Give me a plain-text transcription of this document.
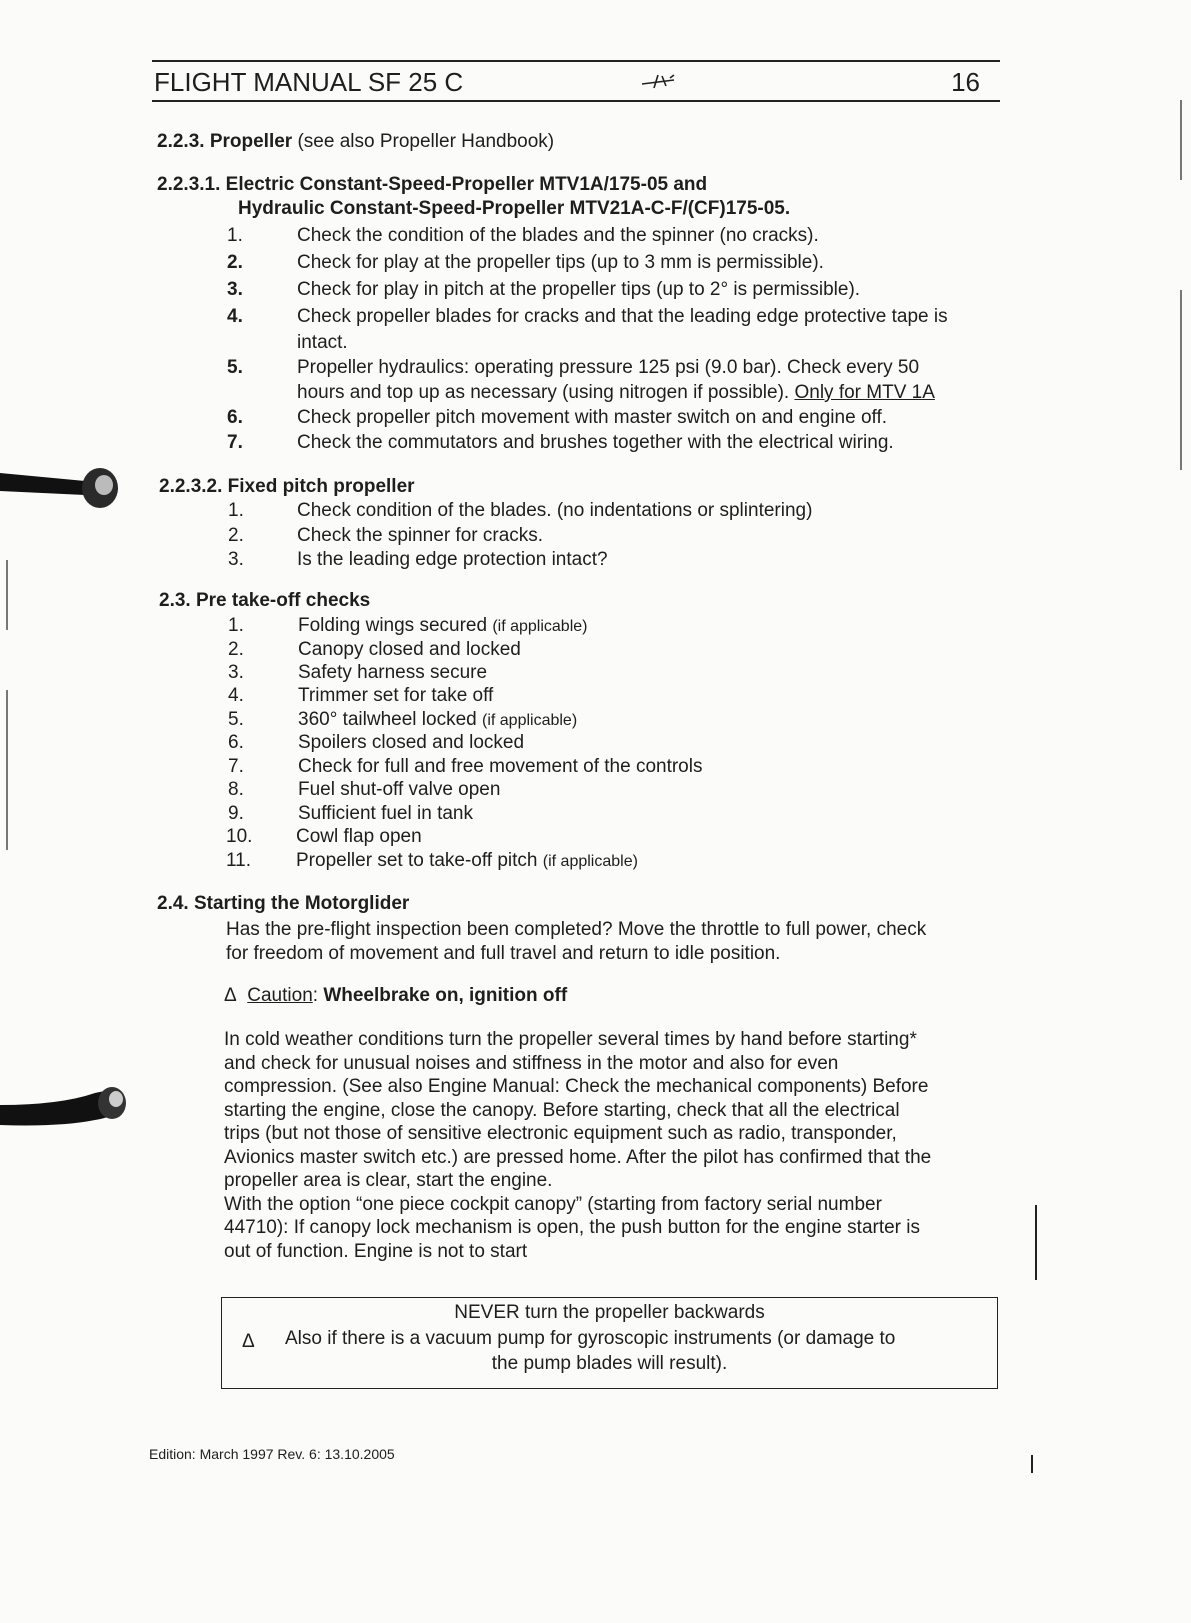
FLIGHT MANUAL SF 25 C	16
2.2.3. Propeller (see also Propeller Handbook)
2.2.3.1. Electric Constant-Speed-Propeller MTV1A/175-05 and
Hydraulic Constant-Speed-Propeller MTV21A-C-F/(CF)175-05.
1.	Check the condition of the blades and the spinner (no cracks).
2.	Check for play at the propeller tips (up to 3 mm is permissible).
3.	Check for play in pitch at the propeller tips (up to 2° is permissible).
4.	Check propeller blades for cracks and that the leading edge protective tape is
intact.
5.	Propeller hydraulics: operating pressure 125 psi (9.0 bar). Check every 50
hours and top up as necessary (using nitrogen if possible). Only for MTV 1A
6.	Check propeller pitch movement with master switch on and engine off.
7.	Check the commutators and brushes together with the electrical wiring.
2.2.3.2. Fixed pitch propeller
1.	Check condition of the blades. (no indentations or splintering)
2.	Check the spinner for cracks.
3.	Is the leading edge protection intact?
2.3. Pre take-off checks
1.	Folding wings secured (if applicable)
2.	Canopy closed and locked
3.	Safety harness secure
4.	Trimmer set for take off
5.	360° tailwheel locked (if applicable)
6.	Spoilers closed and locked
7.	Check for full and free movement of the controls
8.	Fuel shut-off valve open
9.	Sufficient fuel in tank
10.	Cowl flap open
11.	Propeller set to take-off pitch (if applicable)
2.4. Starting the Motorglider
Has the pre-flight inspection been completed? Move the throttle to full power, check
for freedom of movement and full travel and return to idle position.
Δ Caution: Wheelbrake on, ignition off
In cold weather conditions turn the propeller several times by hand before starting*
and check for unusual noises and stiffness in the motor and also for even
compression. (See also Engine Manual: Check the mechanical components) Before
starting the engine, close the canopy. Before starting, check that all the electrical
trips (but not those of sensitive electronic equipment such as radio, transponder,
Avionics master switch etc.) are pressed home. After the pilot has confirmed that the
propeller area is clear, start the engine.
With the option “one piece cockpit canopy” (starting from factory serial number
44710): If canopy lock mechanism is open, the push button for the engine starter is
out of function. Engine is not to start
NEVER turn the propeller backwards
Δ Also if there is a vacuum pump for gyroscopic instruments (or damage to
the pump blades will result).
Edition: March 1997 Rev. 6: 13.10.2005
